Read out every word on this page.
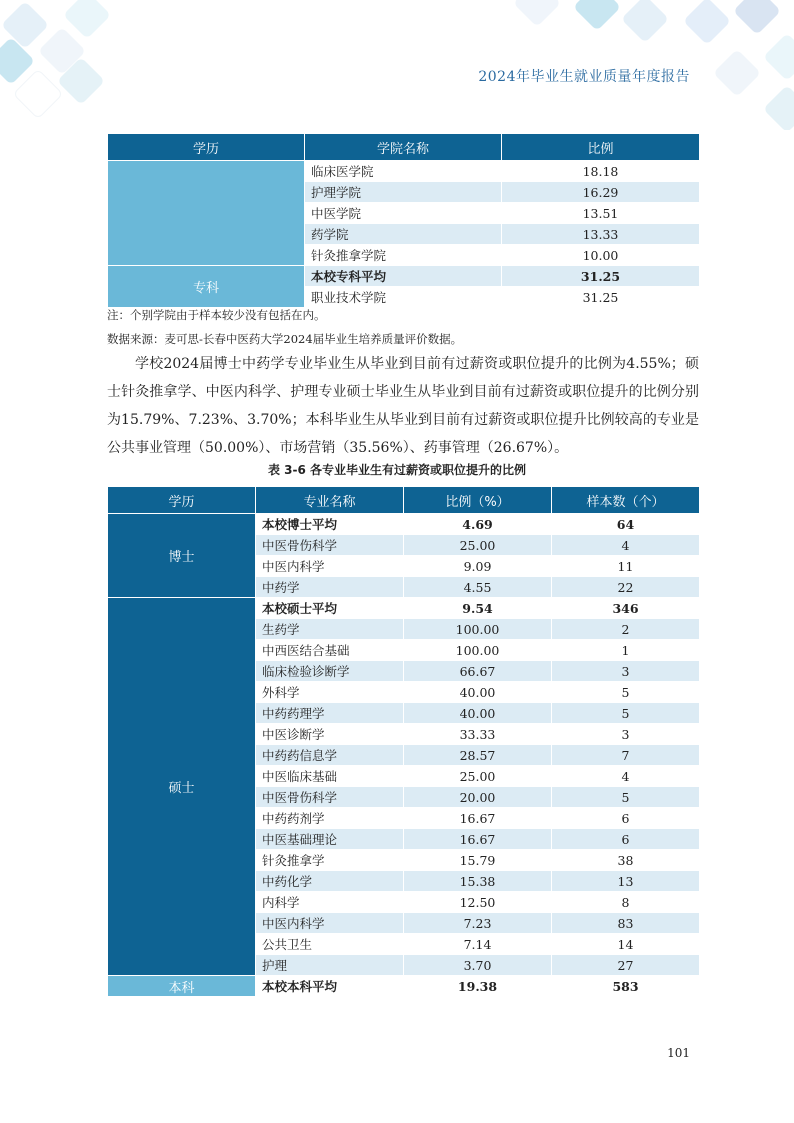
2024年毕业生就业质量年度报告
学历	学院名称	比例
	临床医学院	18.18
	护理学院	16.29
	中医学院	13.51
	药学院	13.33
	针灸推拿学院	10.00
专科	本校专科平均	31.25
	职业技术学院	31.25
注：个别学院由于样本较少没有包括在内。
数据来源：麦可思-长春中医药大学2024届毕业生培养质量评价数据。
学校2024届博士中药学专业毕业生从毕业到目前有过薪资或职位提升的比例为4.55%；硕士针灸推拿学、中医内科学、护理专业硕士毕业生从毕业到目前有过薪资或职位提升的比例分别为15.79%、7.23%、3.70%；本科毕业生从毕业到目前有过薪资或职位提升比例较高的专业是公共事业管理（50.00%）、市场营销（35.56%）、药事管理（26.67%）。
表 3-6 各专业毕业生有过薪资或职位提升的比例
学历	专业名称	比例（%）	样本数（个）
博士	本校博士平均	4.69	64
	中医骨伤科学	25.00	4
	中医内科学	9.09	11
	中药学	4.55	22
硕士	本校硕士平均	9.54	346
	生药学	100.00	2
	中西医结合基础	100.00	1
	临床检验诊断学	66.67	3
	外科学	40.00	5
	中药药理学	40.00	5
	中医诊断学	33.33	3
	中药药信息学	28.57	7
	中医临床基础	25.00	4
	中医骨伤科学	20.00	5
	中药药剂学	16.67	6
	中医基础理论	16.67	6
	针灸推拿学	15.79	38
	中药化学	15.38	13
	内科学	12.50	8
	中医内科学	7.23	83
	公共卫生	7.14	14
	护理	3.70	27
本科	本校本科平均	19.38	583
101
